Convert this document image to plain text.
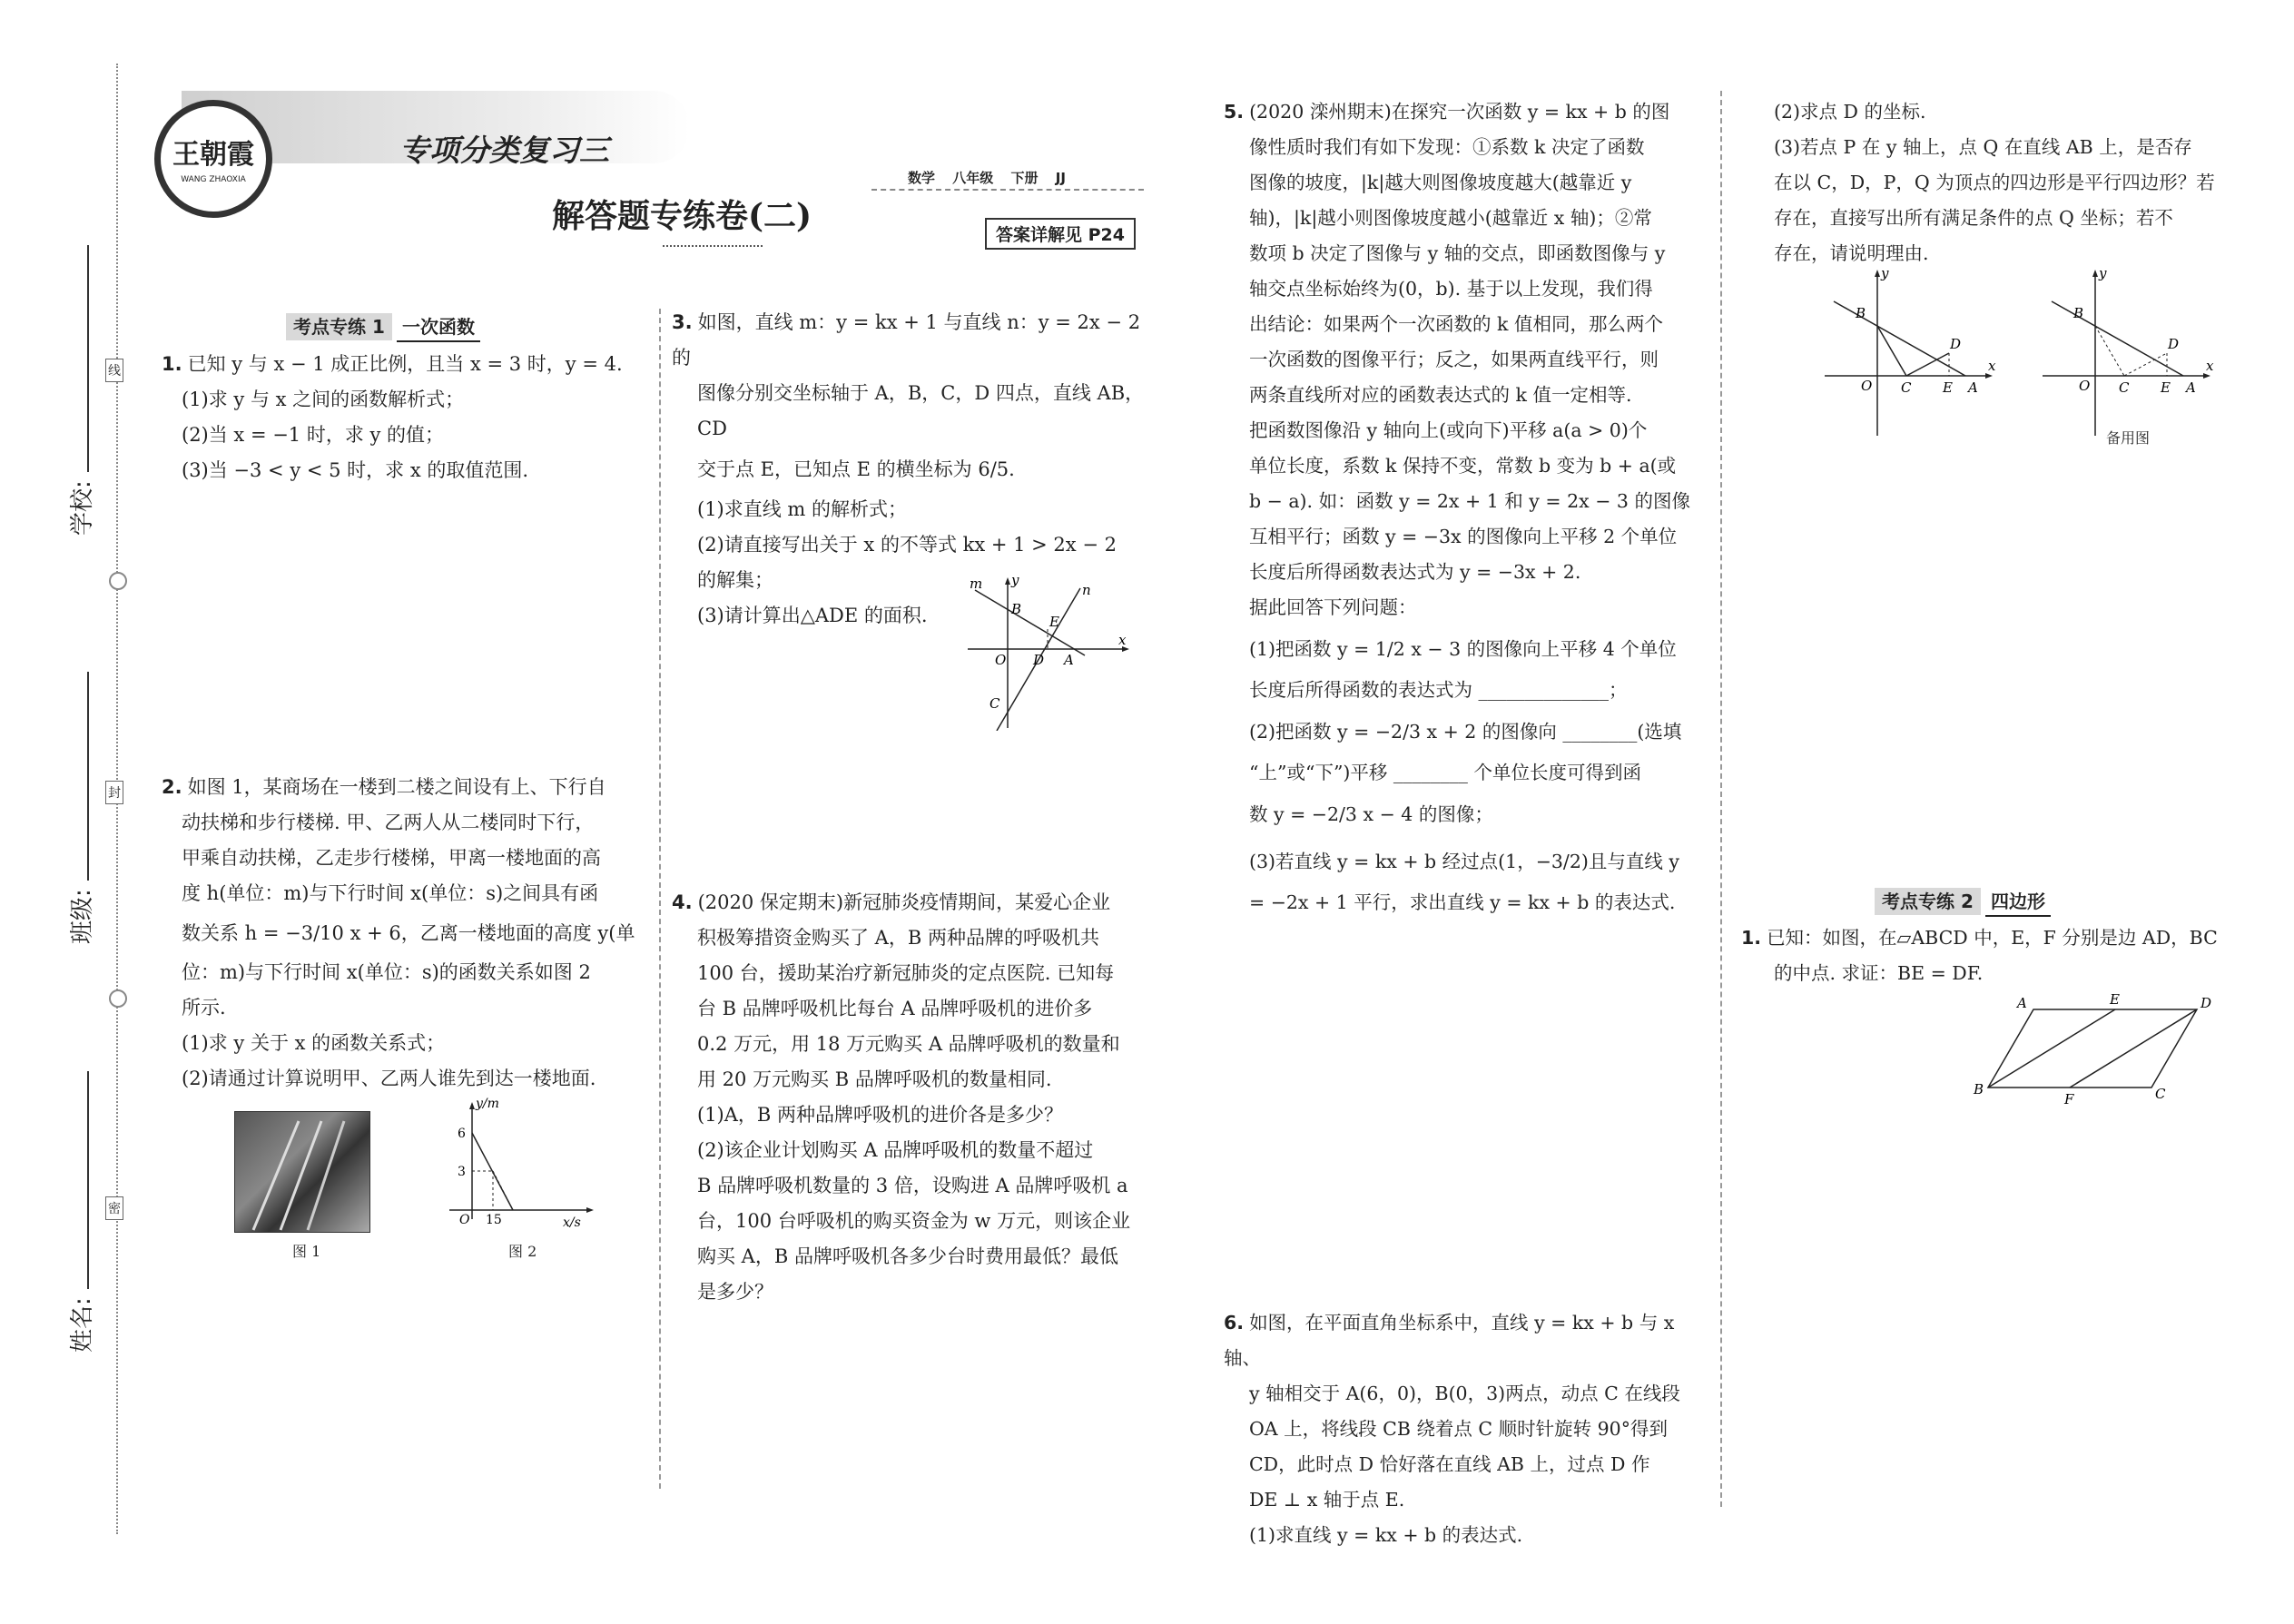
学校:
班级:
姓名:
线
封
密
王朝霞
WANG ZHAOXIA
专项分类复习三
解答题专练卷(二)
数学 八年级 下册 JJ
答案详解见 P24
考点专练 1 一次函数

1. 已知 y 与 x − 1 成正比例，且当 x = 3 时，y = 4.

(1)求 y 与 x 之间的函数解析式；

(2)当 x = −1 时，求 y 的值；

(3)当 −3 < y < 5 时，求 x 的取值范围.

2. 如图 1，某商场在一楼到二楼之间设有上、下行自

动扶梯和步行楼梯. 甲、乙两人从二楼同时下行，

甲乘自动扶梯，乙走步行楼梯，甲离一楼地面的高

度 h(单位：m)与下行时间 x(单位：s)之间具有函

数关系 h = −3/10 x + 6，乙离一楼地面的高度 y(单

位：m)与下行时间 x(单位：s)的函数关系如图 2

所示.

(1)求 y 关于 x 的函数关系式；

(2)请通过计算说明甲、乙两人谁先到达一楼地面.

图 1
y/m
x/s
6
3
O 15
图 2

3. 如图，直线 m：y = kx + 1 与直线 n：y = 2x − 2 的

图像分别交坐标轴于 A，B，C，D 四点，直线 AB，CD

交于点 E，已知点 E 的横坐标为 6/5.

(1)求直线 m 的解析式；

(2)请直接写出关于 x 的不等式 kx + 1 > 2x − 2

的解集；

(3)请计算出△ADE 的面积.

m y
n
B
E
x
O D A
C

4. (2020 保定期末)新冠肺炎疫情期间，某爱心企业

积极筹措资金购买了 A，B 两种品牌的呼吸机共

100 台，援助某治疗新冠肺炎的定点医院. 已知每

台 B 品牌呼吸机比每台 A 品牌呼吸机的进价多

0.2 万元，用 18 万元购买 A 品牌呼吸机的数量和

用 20 万元购买 B 品牌呼吸机的数量相同.

(1)A，B 两种品牌呼吸机的进价各是多少？

(2)该企业计划购买 A 品牌呼吸机的数量不超过

B 品牌呼吸机数量的 3 倍，设购进 A 品牌呼吸机 a

台，100 台呼吸机的购买资金为 w 万元，则该企业

购买 A，B 品牌呼吸机各多少台时费用最低？最低

是多少？

5. (2020 滦州期末)在探究一次函数 y = kx + b 的图

像性质时我们有如下发现：①系数 k 决定了函数

图像的坡度，|k|越大则图像坡度越大(越靠近 y

轴)，|k|越小则图像坡度越小(越靠近 x 轴)；②常

数项 b 决定了图像与 y 轴的交点，即函数图像与 y

轴交点坐标始终为(0，b). 基于以上发现，我们得

出结论：如果两个一次函数的 k 值相同，那么两个

一次函数的图像平行；反之，如果两直线平行，则

两条直线所对应的函数表达式的 k 值一定相等.

把函数图像沿 y 轴向上(或向下)平移 a(a > 0)个

单位长度，系数 k 保持不变，常数 b 变为 b + a(或

b − a). 如：函数 y = 2x + 1 和 y = 2x − 3 的图像

互相平行；函数 y = −3x 的图像向上平移 2 个单位

长度后所得函数表达式为 y = −3x + 2.

据此回答下列问题：

(1)把函数 y = 1/2 x − 3 的图像向上平移 4 个单位

长度后所得函数的表达式为 ______________；

(2)把函数 y = −2/3 x + 2 的图像向 ________(选填

“上”或“下”)平移 ________ 个单位长度可得到函

数 y = −2/3 x − 4 的图像；

(3)若直线 y = kx + b 经过点(1，−3/2)且与直线 y

= −2x + 1 平行，求出直线 y = kx + b 的表达式.

6. 如图，在平面直角坐标系中，直线 y = kx + b 与 x 轴、

y 轴相交于 A(6，0)，B(0，3)两点，动点 C 在线段

OA 上，将线段 CB 绕着点 C 顺时针旋转 90°得到

CD，此时点 D 恰好落在直线 AB 上，过点 D 作

DE ⊥ x 轴于点 E.

(1)求直线 y = kx + b 的表达式.

(2)求点 D 的坐标.

(3)若点 P 在 y 轴上，点 Q 在直线 AB 上，是否存

在以 C，D，P，Q 为顶点的四边形是平行四边形？若

存在，直接写出所有满足条件的点 Q 坐标；若不

存在，请说明理由.

y
B
D
O C E A
x
y
B
D
O C E A
x
备用图
考点专练 2 四边形

1. 已知：如图，在▱ABCD 中，E，F 分别是边 AD，BC

的中点. 求证：BE = DF.

A	E	D
B
F	C
